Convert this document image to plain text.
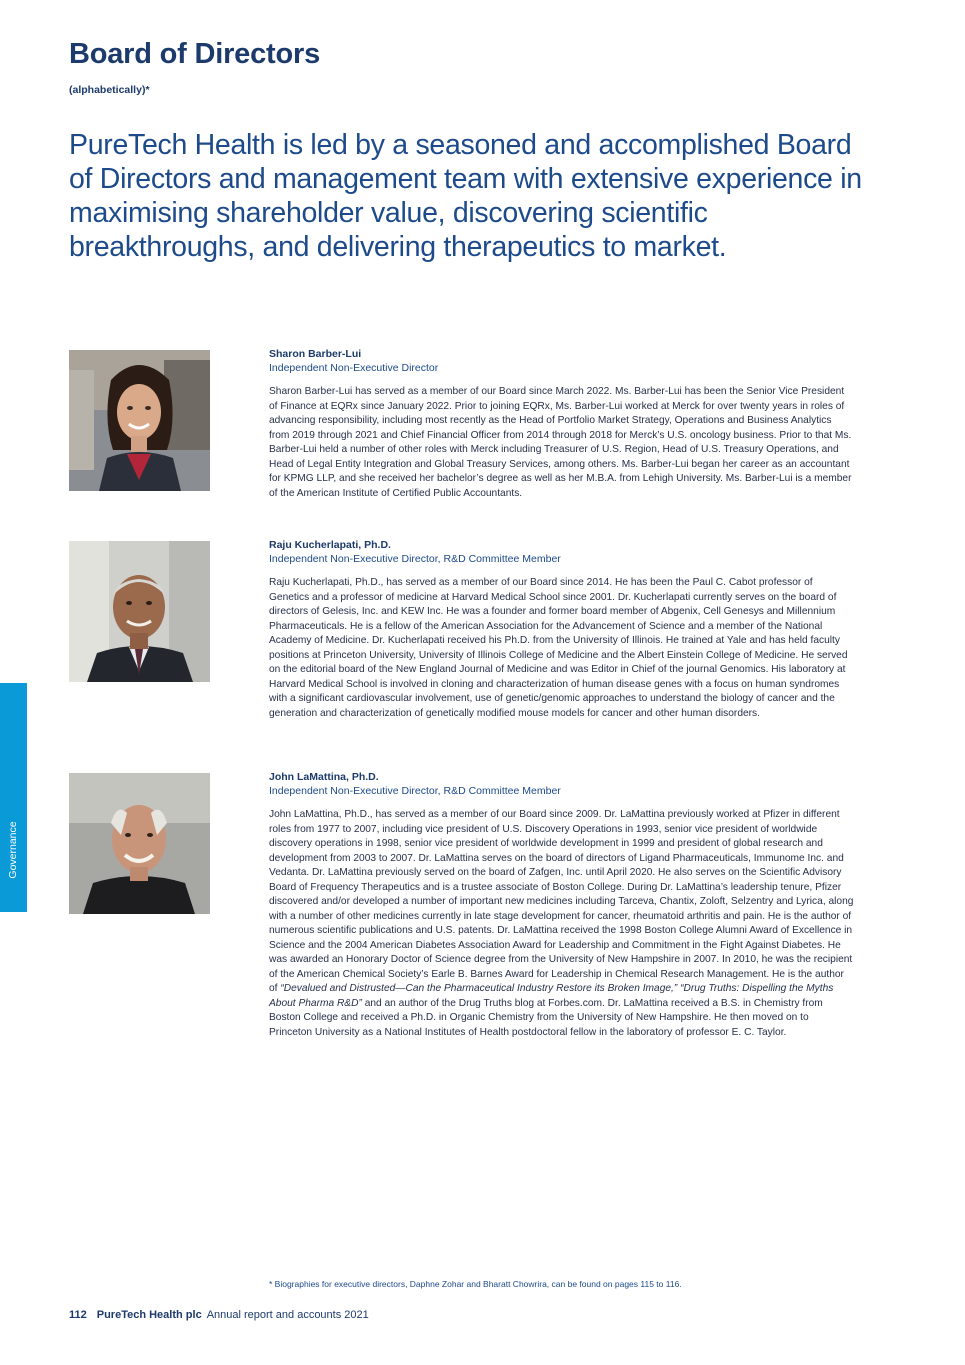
Board of Directors
(alphabetically)*
PureTech Health is led by a seasoned and accomplished Board of Directors and management team with extensive experience in maximising shareholder value, discovering scientific breakthroughs, and delivering therapeutics to market.
Governance

Sharon Barber-Lui

Independent Non-Executive Director

Sharon Barber-Lui has served as a member of our Board since March 2022. Ms. Barber-Lui has been the Senior Vice President of Finance at EQRx since January 2022. Prior to joining EQRx, Ms. Barber-Lui worked at Merck for over twenty years in roles of advancing responsibility, including most recently as the Head of Portfolio Market Strategy, Operations and Business Analytics from 2019 through 2021 and Chief Financial Officer from 2014 through 2018 for Merck’s U.S. oncology business. Prior to that Ms. Barber-Lui held a number of other roles with Merck including Treasurer of U.S. Region, Head of U.S. Treasury Operations, and Head of Legal Entity Integration and Global Treasury Services, among others. Ms. Barber-Lui began her career as an accountant for KPMG LLP, and she received her bachelor’s degree as well as her M.B.A. from Lehigh University. Ms. Barber-Lui is a member of the American Institute of Certified Public Accountants.

Raju Kucherlapati, Ph.D.

Independent Non-Executive Director, R&D Committee Member

Raju Kucherlapati, Ph.D., has served as a member of our Board since 2014. He has been the Paul C. Cabot professor of Genetics and a professor of medicine at Harvard Medical School since 2001. Dr. Kucherlapati currently serves on the board of directors of Gelesis, Inc. and KEW Inc. He was a founder and former board member of Abgenix, Cell Genesys and Millennium Pharmaceuticals. He is a fellow of the American Association for the Advancement of Science and a member of the National Academy of Medicine. Dr. Kucherlapati received his Ph.D. from the University of Illinois. He trained at Yale and has held faculty positions at Princeton University, University of Illinois College of Medicine and the Albert Einstein College of Medicine. He served on the editorial board of the New England Journal of Medicine and was Editor in Chief of the journal Genomics. His laboratory at Harvard Medical School is involved in cloning and characterization of human disease genes with a focus on human syndromes with a significant cardiovascular involvement, use of genetic/genomic approaches to understand the biology of cancer and the generation and characterization of genetically modified mouse models for cancer and other human disorders.

John LaMattina, Ph.D.

Independent Non-Executive Director, R&D Committee Member

John LaMattina, Ph.D., has served as a member of our Board since 2009. Dr. LaMattina previously worked at Pfizer in different roles from 1977 to 2007, including vice president of U.S. Discovery Operations in 1993, senior vice president of worldwide discovery operations in 1998, senior vice president of worldwide development in 1999 and president of global research and development from 2003 to 2007. Dr. LaMattina serves on the board of directors of Ligand Pharmaceuticals, Immunome Inc. and Vedanta. Dr. LaMattina previously served on the board of Zafgen, Inc. until April 2020. He also serves on the Scientific Advisory Board of Frequency Therapeutics and is a trustee associate of Boston College. During Dr. LaMattina’s leadership tenure, Pfizer discovered and/or developed a number of important new medicines including Tarceva, Chantix, Zoloft, Selzentry and Lyrica, along with a number of other medicines currently in late stage development for cancer, rheumatoid arthritis and pain. He is the author of numerous scientific publications and U.S. patents. Dr. LaMattina received the 1998 Boston College Alumni Award of Excellence in Science and the 2004 American Diabetes Association Award for Leadership and Commitment in the Fight Against Diabetes. He was awarded an Honorary Doctor of Science degree from the University of New Hampshire in 2007. In 2010, he was the recipient of the American Chemical Society’s Earle B. Barnes Award for Leadership in Chemical Research Management. He is the author of “Devalued and Distrusted—Can the Pharmaceutical Industry Restore its Broken Image,” “Drug Truths: Dispelling the Myths About Pharma R&D” and an author of the Drug Truths blog at Forbes.com. Dr. LaMattina received a B.S. in Chemistry from Boston College and received a Ph.D. in Organic Chemistry from the University of New Hampshire. He then moved on to Princeton University as a National Institutes of Health postdoctoral fellow in the laboratory of professor E. C. Taylor.

* Biographies for executive directors, Daphne Zohar and Bharatt Chowrira, can be found on pages 115 to 116.
112 PureTech Health plc Annual report and accounts 2021
